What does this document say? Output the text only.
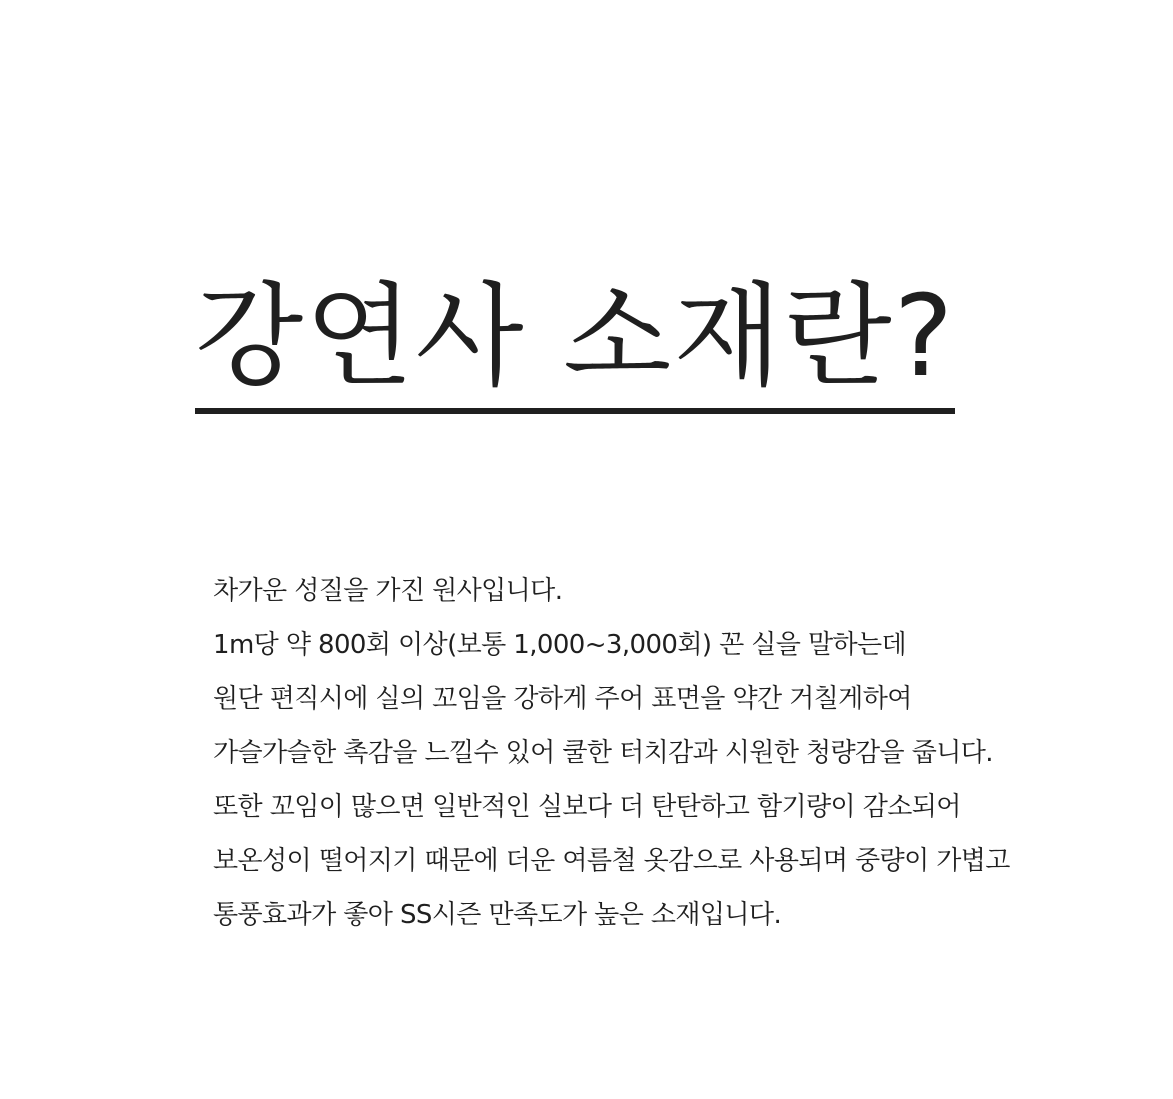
강연사 소재란?
차가운 성질을 가진 원사입니다.
1m당 약 800회 이상(보통 1,000~3,000회) 꼰 실을 말하는데
원단 편직시에 실의 꼬임을 강하게 주어 표면을 약간 거칠게하여
가슬가슬한 촉감을 느낄수 있어 쿨한 터치감과 시원한 청량감을 줍니다.
또한 꼬임이 많으면 일반적인 실보다 더 탄탄하고 함기량이 감소되어
보온성이 떨어지기 때문에 더운 여름철 옷감으로 사용되며 중량이 가볍고
통풍효과가 좋아 SS시즌 만족도가 높은 소재입니다.
